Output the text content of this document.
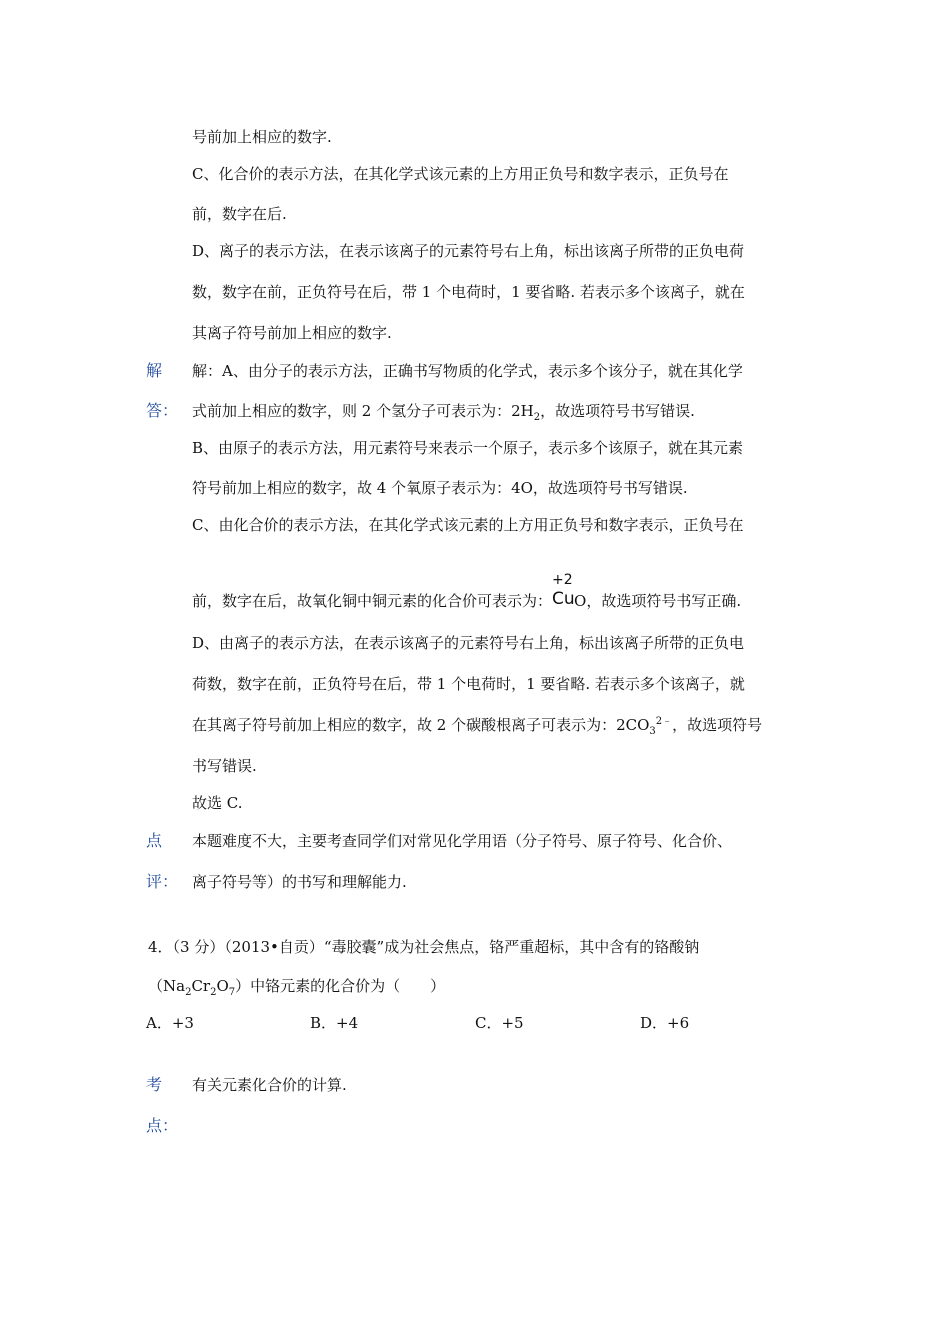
号前加上相应的数字.
C、化合价的表示方法，在其化学式该元素的上方用正负号和数字表示，正负号在
前，数字在后.
D、离子的表示方法，在表示该离子的元素符号右上角，标出该离子所带的正负电荷
数，数字在前，正负符号在后，带 1 个电荷时，1 要省略. 若表示多个该离子，就在
其离子符号前加上相应的数字.
解
答：
解：A、由分子的表示方法，正确书写物质的化学式，表示多个该分子，就在其化学
式前加上相应的数字，则 2 个氢分子可表示为：$2H_2$，故选项符号书写错误.
B、由原子的表示方法，用元素符号来表示一个原子，表示多个该原子，就在其元素
符号前加上相应的数字，故 4 个氧原子表示为：4O，故选项符号书写错误.
C、由化合价的表示方法，在其化学式该元素的上方用正负号和数字表示，正负号在
前，数字在后，故氧化铜中铜元素的化合价可表示为：
+2
Cu O，故选项符号书写正确.
D、由离子的表示方法，在表示该离子的元素符号右上角，标出该离子所带的正负电
荷数，数字在前，正负符号在后，带 1 个电荷时，1 要省略. 若表示多个该离子，就
在其离子符号前加上相应的数字，故 2 个碳酸根离子可表示为：$2CO_3^{2﹣}$，故选项符号
书写错误.
故选 C.
点
评：
本题难度不大，主要考查同学们对常见化学用语（分子符号、原子符号、化合价、
离子符号等）的书写和理解能力.
4．（3 分）（2013•自贡）“毒胶囊”成为社会焦点，铬严重超标，其中含有的铬酸钠
$(Na_2Cr_2O_7)$中铬元素的化合价为（　　）
A．+3	B．+4	C．+5	D．+6
考
点：
有关元素化合价的计算.
